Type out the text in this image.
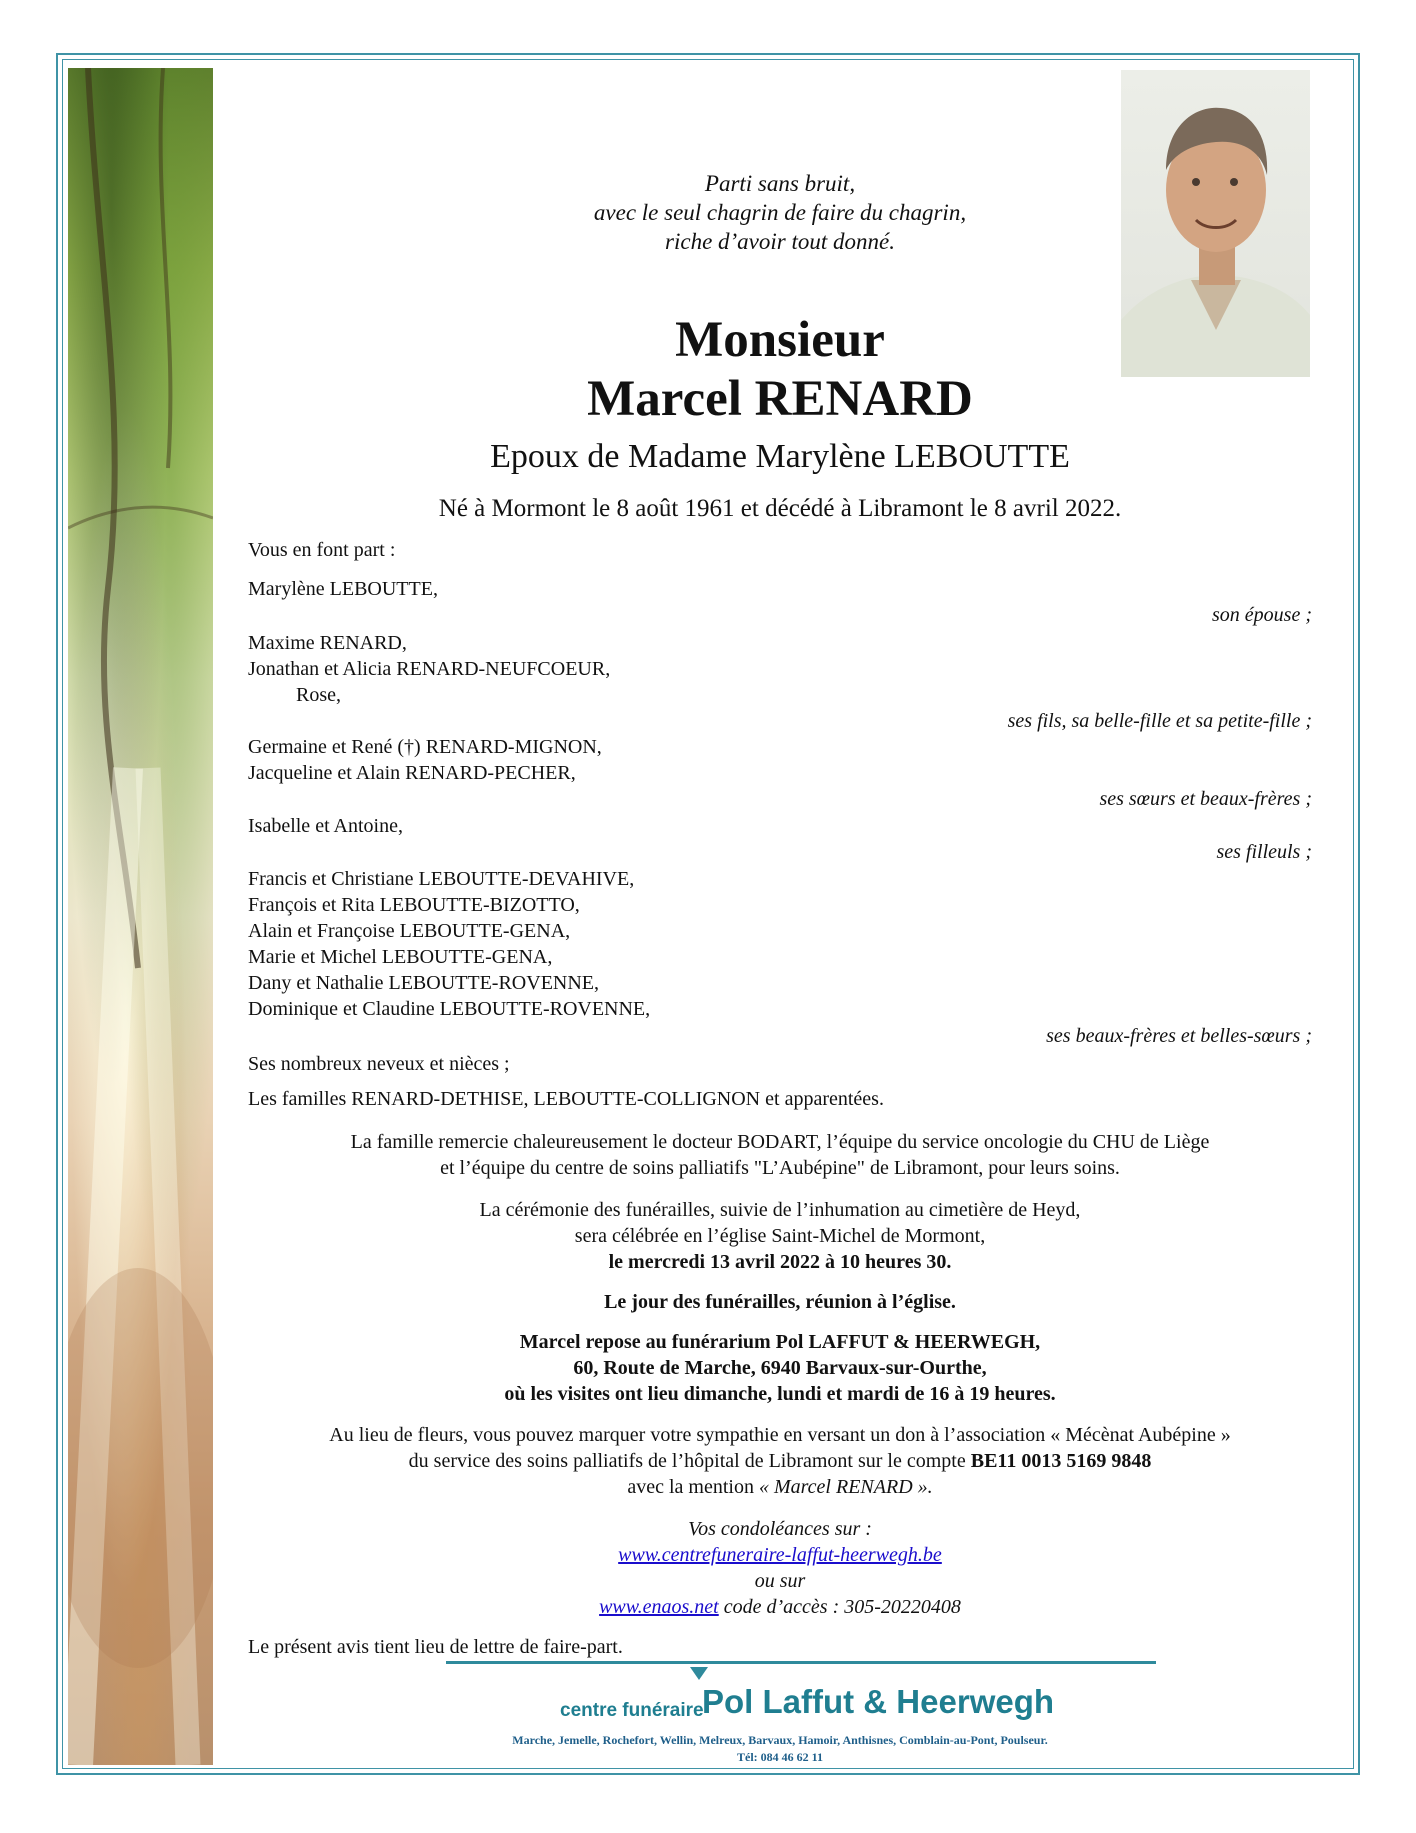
Parti sans bruit,
avec le seul chagrin de faire du chagrin,
riche d’avoir tout donné.
Monsieur
Marcel RENARD
Epoux de Madame Marylène LEBOUTTE
Né à Mormont le 8 août 1961 et décédé à Libramont le 8 avril 2022.
Vous en font part :
Marylène LEBOUTTE,
son épouse ;
Maxime RENARD,
Jonathan et Alicia RENARD-NEUFCOEUR,
Rose,
ses fils, sa belle-fille et sa petite-fille ;
Germaine et René (†) RENARD-MIGNON,
Jacqueline et Alain RENARD-PECHER,
ses sœurs et beaux-frères ;
Isabelle et Antoine,
ses filleuls ;
Francis et Christiane LEBOUTTE-DEVAHIVE,
François et Rita LEBOUTTE-BIZOTTO,
Alain et Françoise LEBOUTTE-GENA,
Marie et Michel LEBOUTTE-GENA,
Dany et Nathalie LEBOUTTE-ROVENNE,
Dominique et Claudine LEBOUTTE-ROVENNE,
ses beaux-frères et belles-sœurs ;
Ses nombreux neveux et nièces ;
Les familles RENARD-DETHISE, LEBOUTTE-COLLIGNON et apparentées.
La famille remercie chaleureusement le docteur BODART, l’équipe du service oncologie du CHU de Liège
et l’équipe du centre de soins palliatifs "L’Aubépine" de Libramont, pour leurs soins.
La cérémonie des funérailles, suivie de l’inhumation au cimetière de Heyd,
sera célébrée en l’église Saint-Michel de Mormont,
le mercredi 13 avril 2022 à 10 heures 30.
Le jour des funérailles, réunion à l’église.
Marcel repose au funérarium Pol LAFFUT & HEERWEGH,
60, Route de Marche, 6940 Barvaux-sur-Ourthe,
où les visites ont lieu dimanche, lundi et mardi de 16 à 19 heures.
Au lieu de fleurs, vous pouvez marquer votre sympathie en versant un don à l’association « Mécènat Aubépine »
du service des soins palliatifs de l’hôpital de Libramont sur le compte BE11 0013 5169 9848
avec la mention « Marcel RENARD ».
Vos condoléances sur :
www.centrefuneraire-laffut-heerwegh.be
ou sur
www.enaos.net code d’accès : 305-20220408
Le présent avis tient lieu de lettre de faire-part.
centre funéraire
Pol Laffut & Heerwegh
Marche, Jemelle, Rochefort, Wellin, Melreux, Barvaux, Hamoir, Anthisnes, Comblain-au-Pont, Poulseur.
Tél: 084 46 62 11
